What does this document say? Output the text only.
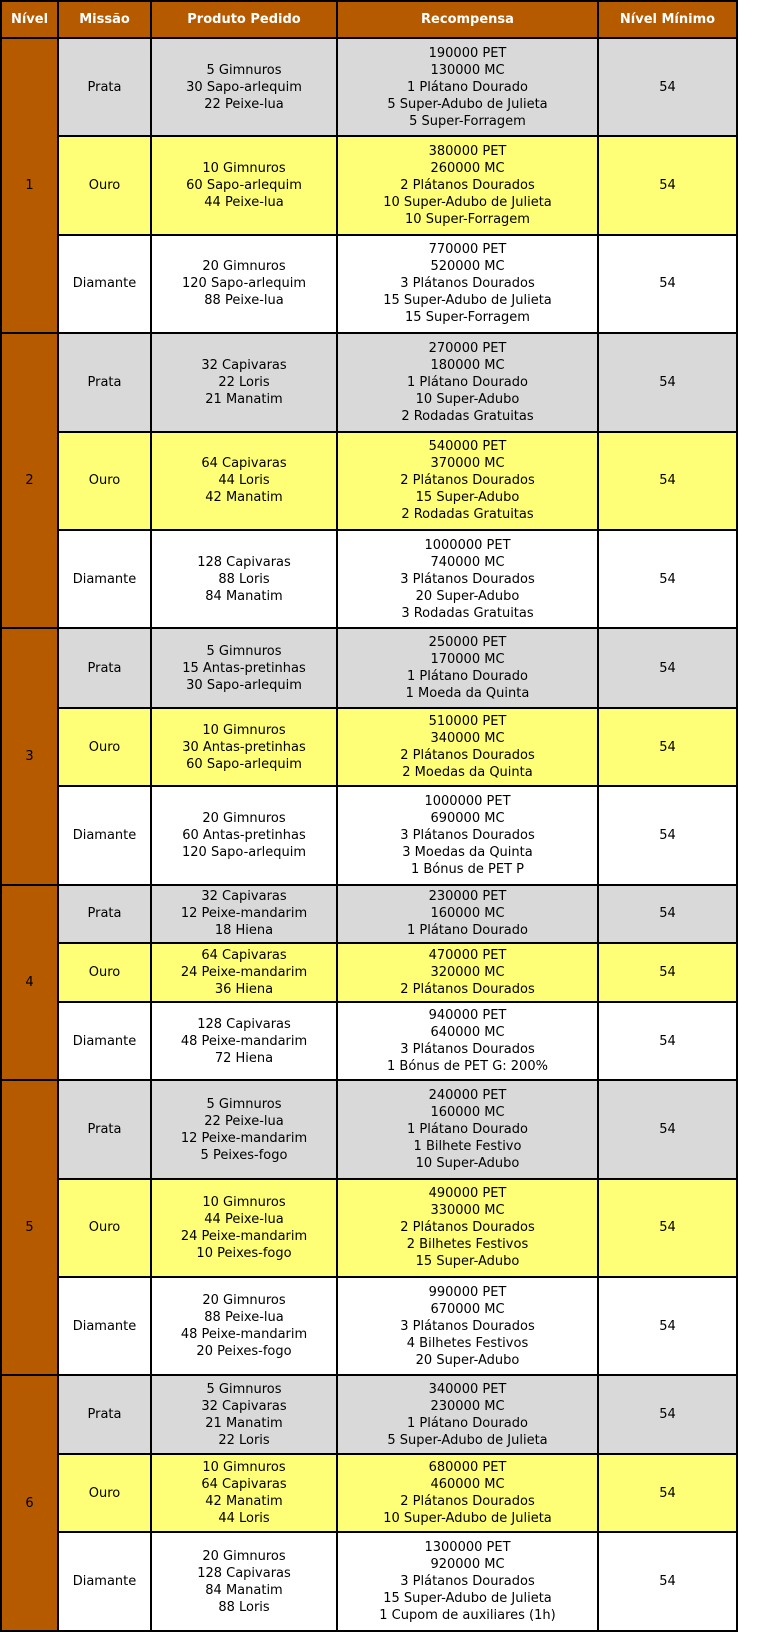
Nível	Missão	Produto Pedido	Recompensa	Nível Mínimo
1	Prata	5 Gimnuros
30 Sapo-arlequim
22 Peixe-lua	190000 PET
130000 MC
1 Plátano Dourado
5 Super-Adubo de Julieta
5 Super-Forragem	54
	Ouro	10 Gimnuros
60 Sapo-arlequim
44 Peixe-lua	380000 PET
260000 MC
2 Plátanos Dourados
10 Super-Adubo de Julieta
10 Super-Forragem	54
	Diamante	20 Gimnuros
120 Sapo-arlequim
88 Peixe-lua	770000 PET
520000 MC
3 Plátanos Dourados
15 Super-Adubo de Julieta
15 Super-Forragem	54
2	Prata	32 Capivaras
22 Loris
21 Manatim	270000 PET
180000 MC
1 Plátano Dourado
10 Super-Adubo
2 Rodadas Gratuitas	54
	Ouro	64 Capivaras
44 Loris
42 Manatim	540000 PET
370000 MC
2 Plátanos Dourados
15 Super-Adubo
2 Rodadas Gratuitas	54
	Diamante	128 Capivaras
88 Loris
84 Manatim	1000000 PET
740000 MC
3 Plátanos Dourados
20 Super-Adubo
3 Rodadas Gratuitas	54
3	Prata	5 Gimnuros
15 Antas-pretinhas
30 Sapo-arlequim	250000 PET
170000 MC
1 Plátano Dourado
1 Moeda da Quinta	54
	Ouro	10 Gimnuros
30 Antas-pretinhas
60 Sapo-arlequim	510000 PET
340000 MC
2 Plátanos Dourados
2 Moedas da Quinta	54
	Diamante	20 Gimnuros
60 Antas-pretinhas
120 Sapo-arlequim	1000000 PET
690000 MC
3 Plátanos Dourados
3 Moedas da Quinta
1 Bónus de PET P	54
4	Prata	32 Capivaras
12 Peixe-mandarim
18 Hiena	230000 PET
160000 MC
1 Plátano Dourado	54
	Ouro	64 Capivaras
24 Peixe-mandarim
36 Hiena	470000 PET
320000 MC
2 Plátanos Dourados	54
	Diamante	128 Capivaras
48 Peixe-mandarim
72 Hiena	940000 PET
640000 MC
3 Plátanos Dourados
1 Bónus de PET G: 200%	54
5	Prata	5 Gimnuros
22 Peixe-lua
12 Peixe-mandarim
5 Peixes-fogo	240000 PET
160000 MC
1 Plátano Dourado
1 Bilhete Festivo
10 Super-Adubo	54
	Ouro	10 Gimnuros
44 Peixe-lua
24 Peixe-mandarim
10 Peixes-fogo	490000 PET
330000 MC
2 Plátanos Dourados
2 Bilhetes Festivos
15 Super-Adubo	54
	Diamante	20 Gimnuros
88 Peixe-lua
48 Peixe-mandarim
20 Peixes-fogo	990000 PET
670000 MC
3 Plátanos Dourados
4 Bilhetes Festivos
20 Super-Adubo	54
6	Prata	5 Gimnuros
32 Capivaras
21 Manatim
22 Loris	340000 PET
230000 MC
1 Plátano Dourado
5 Super-Adubo de Julieta	54
	Ouro	10 Gimnuros
64 Capivaras
42 Manatim
44 Loris	680000 PET
460000 MC
2 Plátanos Dourados
10 Super-Adubo de Julieta	54
	Diamante	20 Gimnuros
128 Capivaras
84 Manatim
88 Loris	1300000 PET
920000 MC
3 Plátanos Dourados
15 Super-Adubo de Julieta
1 Cupom de auxiliares (1h)	54
